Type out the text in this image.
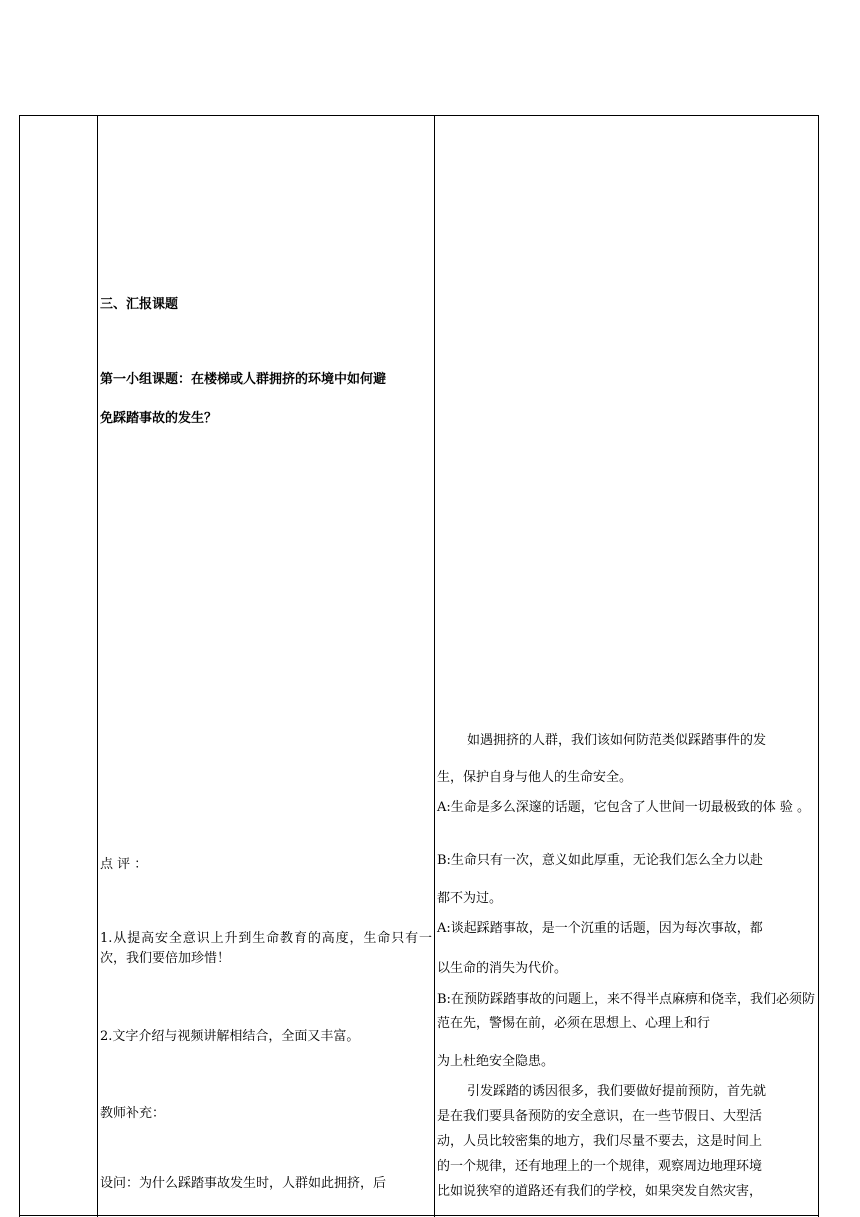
三、汇报课题
第一小组课题：在楼梯或人群拥挤的环境中如何避
免踩踏事故的发生？
点 评 ：
1.从提高安全意识上升到生命教育的高度，生命只有一次，我们要倍加珍惜！
2.文字介绍与视频讲解相结合，全面又丰富。
教师补充：
设问：为什么踩踏事故发生时，人群如此拥挤，后
如遇拥挤的人群，我们该如何防范类似踩踏事件的发
生，保护自身与他人的生命安全。
A:生命是多么深邃的话题，它包含了人世间一切最极致的体 验 。
B:生命只有一次，意义如此厚重，无论我们怎么全力以赴
都不为过。
A:谈起踩踏事故，是一个沉重的话题，因为每次事故，都
以生命的消失为代价。
B:在预防踩踏事故的问题上，来不得半点麻痹和侥幸，我们必须防范在先，警惕在前，必须在思想上、心理上和行
为上杜绝安全隐患。
引发踩踏的诱因很多，我们要做好提前预防，首先就
是在我们要具备预防的安全意识，在一些节假日、大型活
动，人员比较密集的地方，我们尽量不要去，这是时间上
的一个规律，还有地理上的一个规律，观察周边地理环境
比如说狭窄的道路还有我们的学校，如果突发自然灾害，
